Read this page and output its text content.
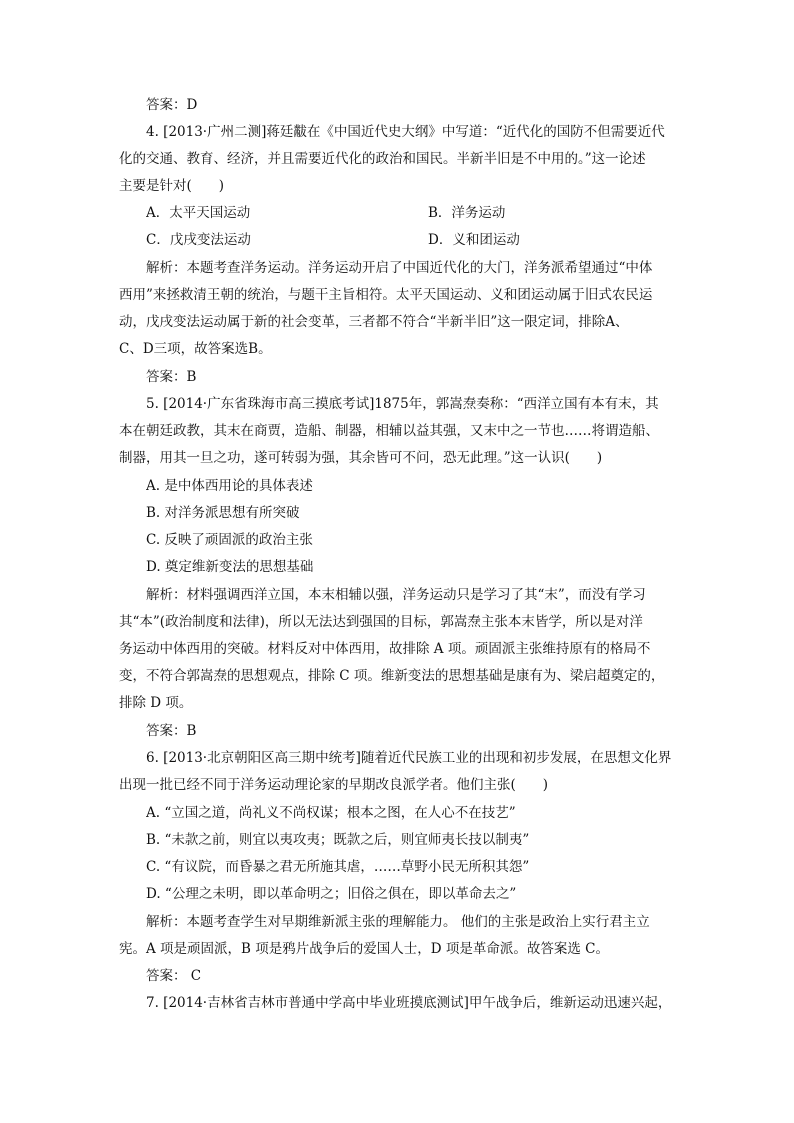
答案：D
4. [2013·广州二测]蒋廷黻在《中国近代史大纲》中写道：“近代化的国防不但需要近代
化的交通、教育、经济，并且需要近代化的政治和国民。半新半旧是不中用的。”这一论述
主要是针对(　　)
A．太平天国运动	B．洋务运动
C．戊戌变法运动	D．义和团运动
解析：本题考查洋务运动。洋务运动开启了中国近代化的大门，洋务派希望通过“中体
西用”来拯救清王朝的统治，与题干主旨相符。太平天国运动、义和团运动属于旧式农民运
动，戊戌变法运动属于新的社会变革，三者都不符合“半新半旧”这一限定词，排除A、
C、D三项，故答案选B。
答案：B
5. [2014·广东省珠海市高三摸底考试]1875年，郭嵩焘奏称：“西洋立国有本有末，其
本在朝廷政教，其末在商贾，造船、制器，相辅以益其强，又末中之一节也……将谓造船、
制器，用其一旦之功，遂可转弱为强，其余皆可不问，恐无此理。”这一认识(　　)
A. 是中体西用论的具体表述
B. 对洋务派思想有所突破
C. 反映了顽固派的政治主张
D. 奠定维新变法的思想基础
解析：材料强调西洋立国，本末相辅以强，洋务运动只是学习了其“末”，而没有学习
其“本”(政治制度和法律)，所以无法达到强国的目标，郭嵩焘主张本末皆学，所以是对洋
务运动中体西用的突破。材料反对中体西用，故排除 A 项。顽固派主张维持原有的格局不
变，不符合郭嵩焘的思想观点，排除 C 项。维新变法的思想基础是康有为、梁启超奠定的，
排除 D 项。
答案：B
6. [2013·北京朝阳区高三期中统考]随着近代民族工业的出现和初步发展，在思想文化界
出现一批已经不同于洋务运动理论家的早期改良派学者。他们主张(　　)
A. “立国之道，尚礼义不尚权谋；根本之图，在人心不在技艺”
B. “未款之前，则宜以夷攻夷；既款之后，则宜师夷长技以制夷”
C. “有议院，而昏暴之君无所施其虐，……草野小民无所积其怨”
D. “公理之未明，即以革命明之；旧俗之俱在，即以革命去之”
解析：本题考查学生对早期维新派主张的理解能力。 他们的主张是政治上实行君主立
宪。A 项是顽固派，B 项是鸦片战争后的爱国人士，D 项是革命派。故答案选 C。
答案： C
7. [2014·吉林省吉林市普通中学高中毕业班摸底测试]甲午战争后，维新运动迅速兴起，
